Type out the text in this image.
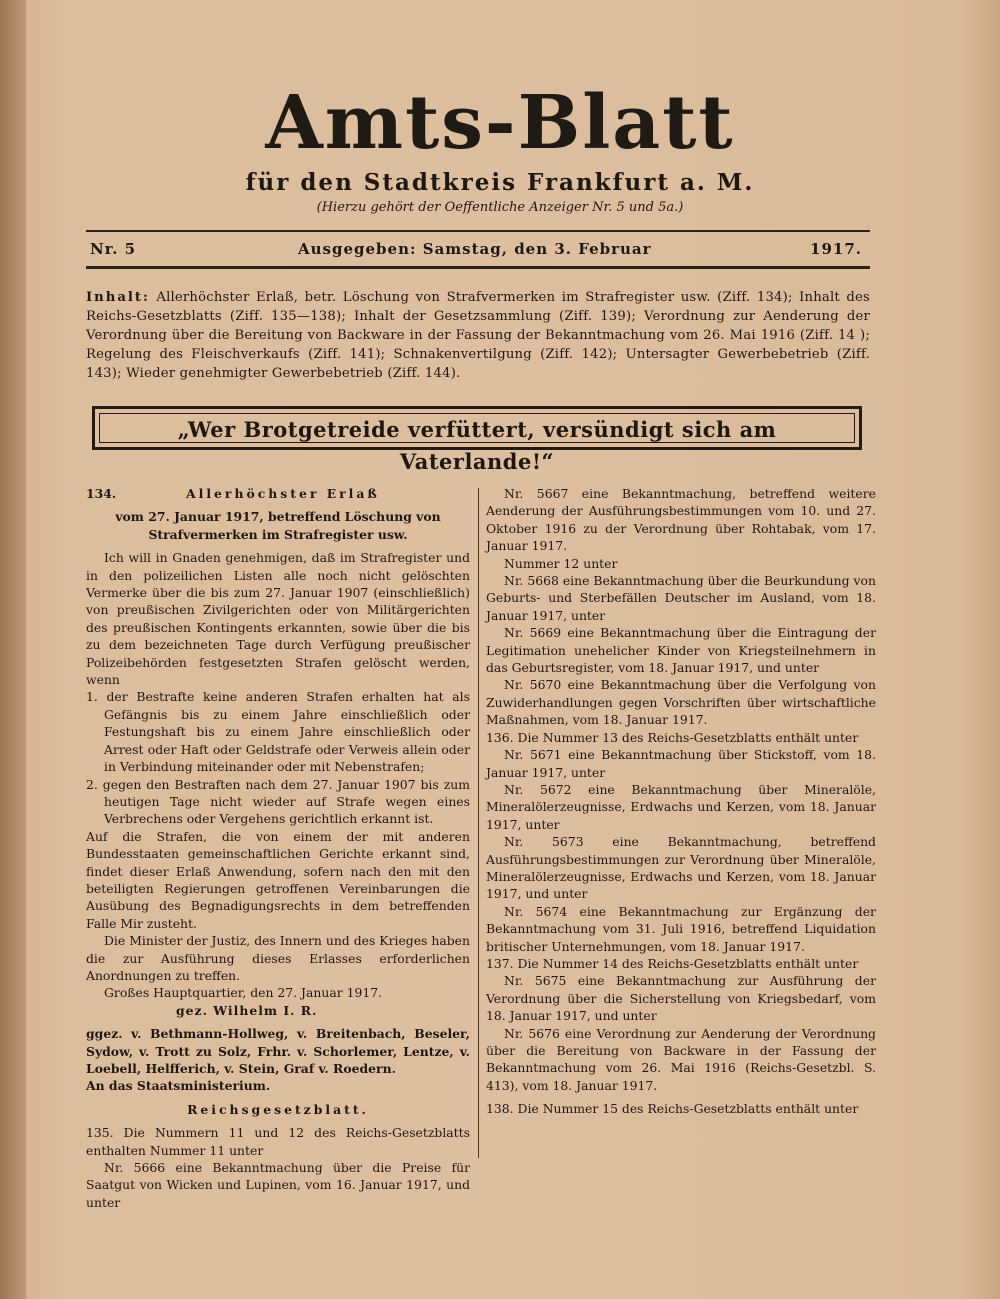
Amts-Blatt
für den Stadtkreis Frankfurt a. M.
(Hierzu gehört der Oeffentliche Anzeiger Nr. 5 und 5a.)
Nr. 5	Ausgegeben: Samstag, den 3. Februar	1917.
Inhalt: Allerhöchster Erlaß, betr. Löschung von Strafvermerken im Strafregister usw. (Ziff. 134); Inhalt des Reichs-Gesetzblatts (Ziff. 135—138); Inhalt der Gesetzsammlung (Ziff. 139); Verordnung zur Aenderung der Verordnung über die Bereitung von Backware in der Fassung der Bekanntmachung vom 26. Mai 1916 (Ziff. 14 ); Regelung des Fleischverkaufs (Ziff. 141); Schnakenvertilgung (Ziff. 142); Untersagter Gewerbebetrieb (Ziff. 143); Wieder genehmigter Gewerbebetrieb (Ziff. 144).
„Wer Brotgetreide verfüttert, versündigt sich am Vaterlande!“

134.	Allerhöchster Erlaß

vom 27. Januar 1917, betreffend Löschung von Strafvermerken im Strafregister usw.

Ich will in Gnaden genehmigen, daß im Strafregister und in den polizeilichen Listen alle noch nicht gelöschten Vermerke über die bis zum 27. Januar 1907 (einschließlich) von preußischen Zivilgerichten oder von Militärgerichten des preußischen Kontingents erkannten, sowie über die bis zu dem bezeichneten Tage durch Verfügung preußischer Polizeibehörden festgesetzten Strafen gelöscht werden, wenn

1. der Bestrafte keine anderen Strafen erhalten hat als Gefängnis bis zu einem Jahre einschließlich oder Festungshaft bis zu einem Jahre einschließlich oder Arrest oder Haft oder Geldstrafe oder Verweis allein oder in Verbindung miteinander oder mit Nebenstrafen;

2. gegen den Bestraften nach dem 27. Januar 1907 bis zum heutigen Tage nicht wieder auf Strafe wegen eines Verbrechens oder Vergehens gerichtlich erkannt ist.

Auf die Strafen, die von einem der mit anderen Bundesstaaten gemeinschaftlichen Gerichte erkannt sind, findet dieser Erlaß Anwendung, sofern nach den mit den beteiligten Regierungen getroffenen Vereinbarungen die Ausübung des Begnadigungsrechts in dem betreffenden Falle Mir zusteht.

Die Minister der Justiz, des Innern und des Krieges haben die zur Ausführung dieses Erlasses erforderlichen Anordnungen zu treffen.

Großes Hauptquartier, den 27. Januar 1917.

gez. Wilhelm I. R.

ggez. v. Bethmann-Hollweg, v. Breitenbach, Beseler, Sydow, v. Trott zu Solz, Frhr. v. Schorlemer, Lentze, v. Loebell, Helfferich, v. Stein, Graf v. Roedern.

An das Staatsministerium.

Reichsgesetzblatt.

135. Die Nummern 11 und 12 des Reichs-Gesetzblatts enthalten Nummer 11 unter

Nr. 5666 eine Bekanntmachung über die Preise für Saatgut von Wicken und Lupinen, vom 16. Januar 1917, und unter

Nr. 5667 eine Bekanntmachung, betreffend weitere Aenderung der Ausführungsbestimmungen vom 10. und 27. Oktober 1916 zu der Verordnung über Rohtabak, vom 17. Januar 1917.

Nummer 12 unter

Nr. 5668 eine Bekanntmachung über die Beurkundung von Geburts- und Sterbefällen Deutscher im Ausland, vom 18. Januar 1917, unter

Nr. 5669 eine Bekanntmachung über die Eintragung der Legitimation unehelicher Kinder von Kriegsteilnehmern in das Geburtsregister, vom 18. Januar 1917, und unter

Nr. 5670 eine Bekanntmachung über die Verfolgung von Zuwiderhandlungen gegen Vorschriften über wirtschaftliche Maßnahmen, vom 18. Januar 1917.

136. Die Nummer 13 des Reichs-Gesetzblatts enthält unter

Nr. 5671 eine Bekanntmachung über Stickstoff, vom 18. Januar 1917, unter

Nr. 5672 eine Bekanntmachung über Mineralöle, Mineralölerzeugnisse, Erdwachs und Kerzen, vom 18. Januar 1917, unter

Nr. 5673 eine Bekanntmachung, betreffend Ausführungsbestimmungen zur Verordnung über Mineralöle, Mineralölerzeugnisse, Erdwachs und Kerzen, vom 18. Januar 1917, und unter

Nr. 5674 eine Bekanntmachung zur Ergänzung der Bekanntmachung vom 31. Juli 1916, betreffend Liquidation britischer Unternehmungen, vom 18. Januar 1917.

137. Die Nummer 14 des Reichs-Gesetzblatts enthält unter

Nr. 5675 eine Bekanntmachung zur Ausführung der Verordnung über die Sicherstellung von Kriegsbedarf, vom 18. Januar 1917, und unter

Nr. 5676 eine Verordnung zur Aenderung der Verordnung über die Bereitung von Backware in der Fassung der Bekanntmachung vom 26. Mai 1916 (Reichs-Gesetzbl. S. 413), vom 18. Januar 1917.

138. Die Nummer 15 des Reichs-Gesetzblatts enthält unter
